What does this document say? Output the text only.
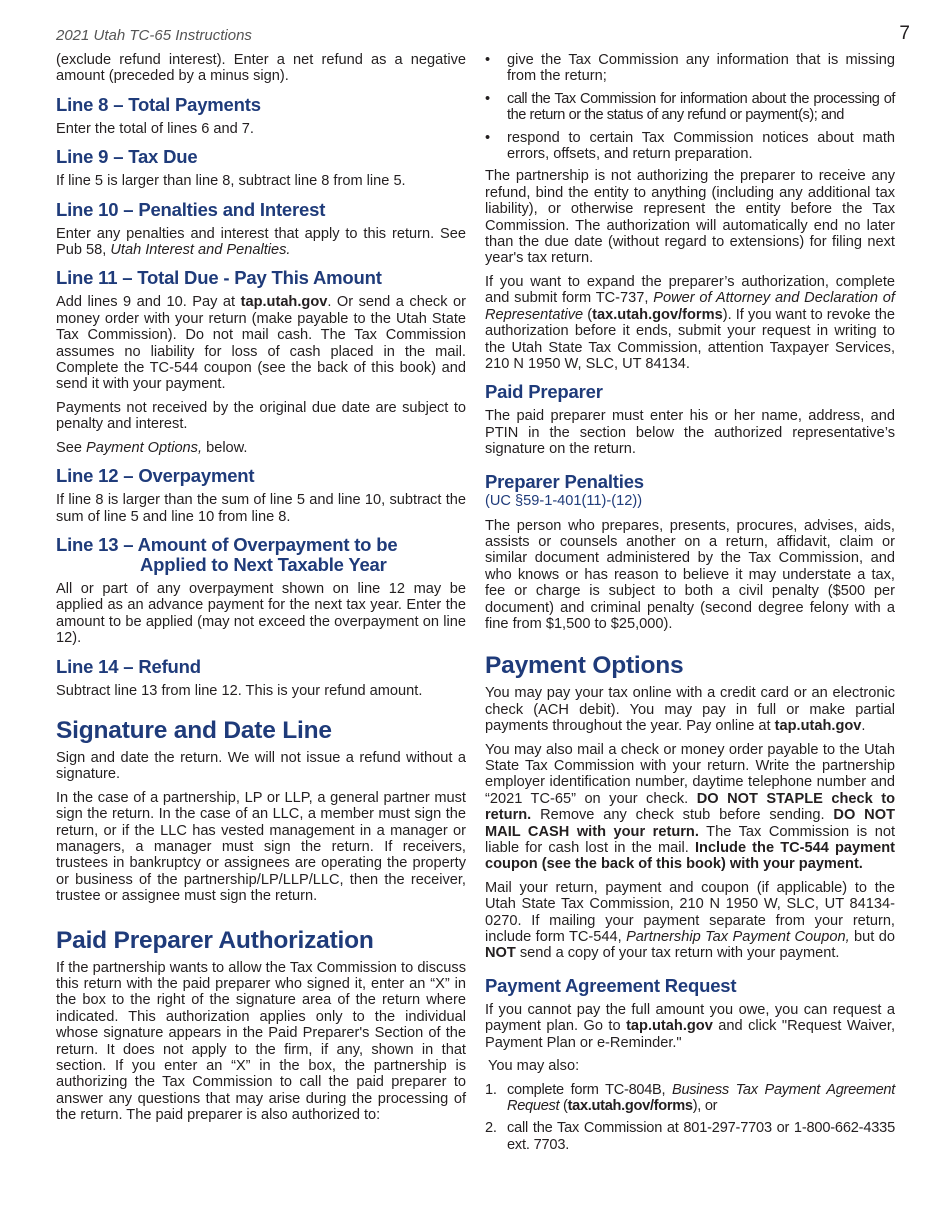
2021 Utah TC-65 Instructions	7

(exclude refund interest). Enter a net refund as a negative amount (preceded by a minus sign).

Line 8 – Total Payments

Enter the total of lines 6 and 7.

Line 9 – Tax Due

If line 5 is larger than line 8, subtract line 8 from line 5.

Line 10 – Penalties and Interest

Enter any penalties and interest that apply to this return. See Pub 58, Utah Interest and Penalties.

Line 11 – Total Due - Pay This Amount

Add lines 9 and 10. Pay at tap.utah.gov. Or send a check or money order with your return (make payable to the Utah State Tax Commission). Do not mail cash. The Tax Commission assumes no liability for loss of cash placed in the mail. Complete the TC-544 coupon (see the back of this book) and send it with your payment.

Payments not received by the original due date are subject to penalty and interest.

See Payment Options, below.

Line 12 – Overpayment

If line 8 is larger than the sum of line 5 and line 10, subtract the sum of line 5 and line 10 from line 8.

Line 13 – Amount of Overpayment to be

Applied to Next Taxable Year

All or part of any overpayment shown on line 12 may be applied as an advance payment for the next tax year. Enter the amount to be applied (may not exceed the overpayment on line 12).

Line 14 – Refund

Subtract line 13 from line 12. This is your refund amount.

Signature and Date Line

Sign and date the return. We will not issue a refund without a signature.

In the case of a partnership, LP or LLP, a general partner must sign the return. In the case of an LLC, a member must sign the return, or if the LLC has vested management in a manager or managers, a manager must sign the return. If receivers, trustees in bankruptcy or assignees are operating the property or business of the partnership/LP/LLP/LLC, then the receiver, trustee or assignee must sign the return.

Paid Preparer Authorization

If the partnership wants to allow the Tax Commission to discuss this return with the paid preparer who signed it, enter an “X” in the box to the right of the signature area of the return where indicated. This authorization applies only to the individual whose signature appears in the Paid Preparer's Section of the return. It does not apply to the firm, if any, shown in that section. If you enter an “X” in the box, the partnership is authorizing the Tax Commission to call the paid preparer to answer any questions that may arise during the processing of the return. The paid preparer is also authorized to:

• give the Tax Commission any information that is missing from the return;
• call the Tax Commission for information about the processing of the return or the status of any refund or payment(s); and
• respond to certain Tax Commission notices about math errors, offsets, and return preparation.

The partnership is not authorizing the preparer to receive any refund, bind the entity to anything (including any additional tax liability), or otherwise represent the entity before the Tax Commission. The authorization will automatically end no later than the due date (without regard to extensions) for filing next year's tax return.

If you want to expand the preparer’s authorization, complete and submit form TC-737, Power of Attorney and Declaration of Representative (tax.utah.gov/forms). If you want to revoke the authorization before it ends, submit your request in writing to the Utah State Tax Commission, attention Taxpayer Services, 210 N 1950 W, SLC, UT 84134.

Paid Preparer

The paid preparer must enter his or her name, address, and PTIN in the section below the authorized representative’s signature on the return.

Preparer Penalties
(UC §59-1-401(11)-(12))

The person who prepares, presents, procures, advises, aids, assists or counsels another on a return, affidavit, claim or similar document administered by the Tax Commission, and who knows or has reason to believe it may understate a tax, fee or charge is subject to both a civil penalty ($500 per document) and criminal penalty (second degree felony with a fine from $1,500 to $25,000).

Payment Options

You may pay your tax online with a credit card or an electronic check (ACH debit). You may pay in full or make partial payments throughout the year. Pay online at tap.utah.gov.

You may also mail a check or money order payable to the Utah State Tax Commission with your return. Write the partnership employer identification number, daytime telephone number and “2021 TC-65” on your check. DO NOT STAPLE check to return. Remove any check stub before sending. DO NOT MAIL CASH with your return. The Tax Commission is not liable for cash lost in the mail. Include the TC-544 payment coupon (see the back of this book) with your payment.

Mail your return, payment and coupon (if applicable) to the Utah State Tax Commission, 210 N 1950 W, SLC, UT 84134-0270. If mailing your payment separate from your return, include form TC-544, Partnership Tax Payment Coupon, but do NOT send a copy of your tax return with your payment.

Payment Agreement Request

If you cannot pay the full amount you owe, you can request a payment plan. Go to tap.utah.gov and click "Request Waiver, Payment Plan or e-Reminder."

You may also:

1. complete form TC-804B, Business Tax Payment Agreement Request (tax.utah.gov/forms), or
2. call the Tax Commission at 801-297-7703 or 1-800-662-4335 ext. 7703.
